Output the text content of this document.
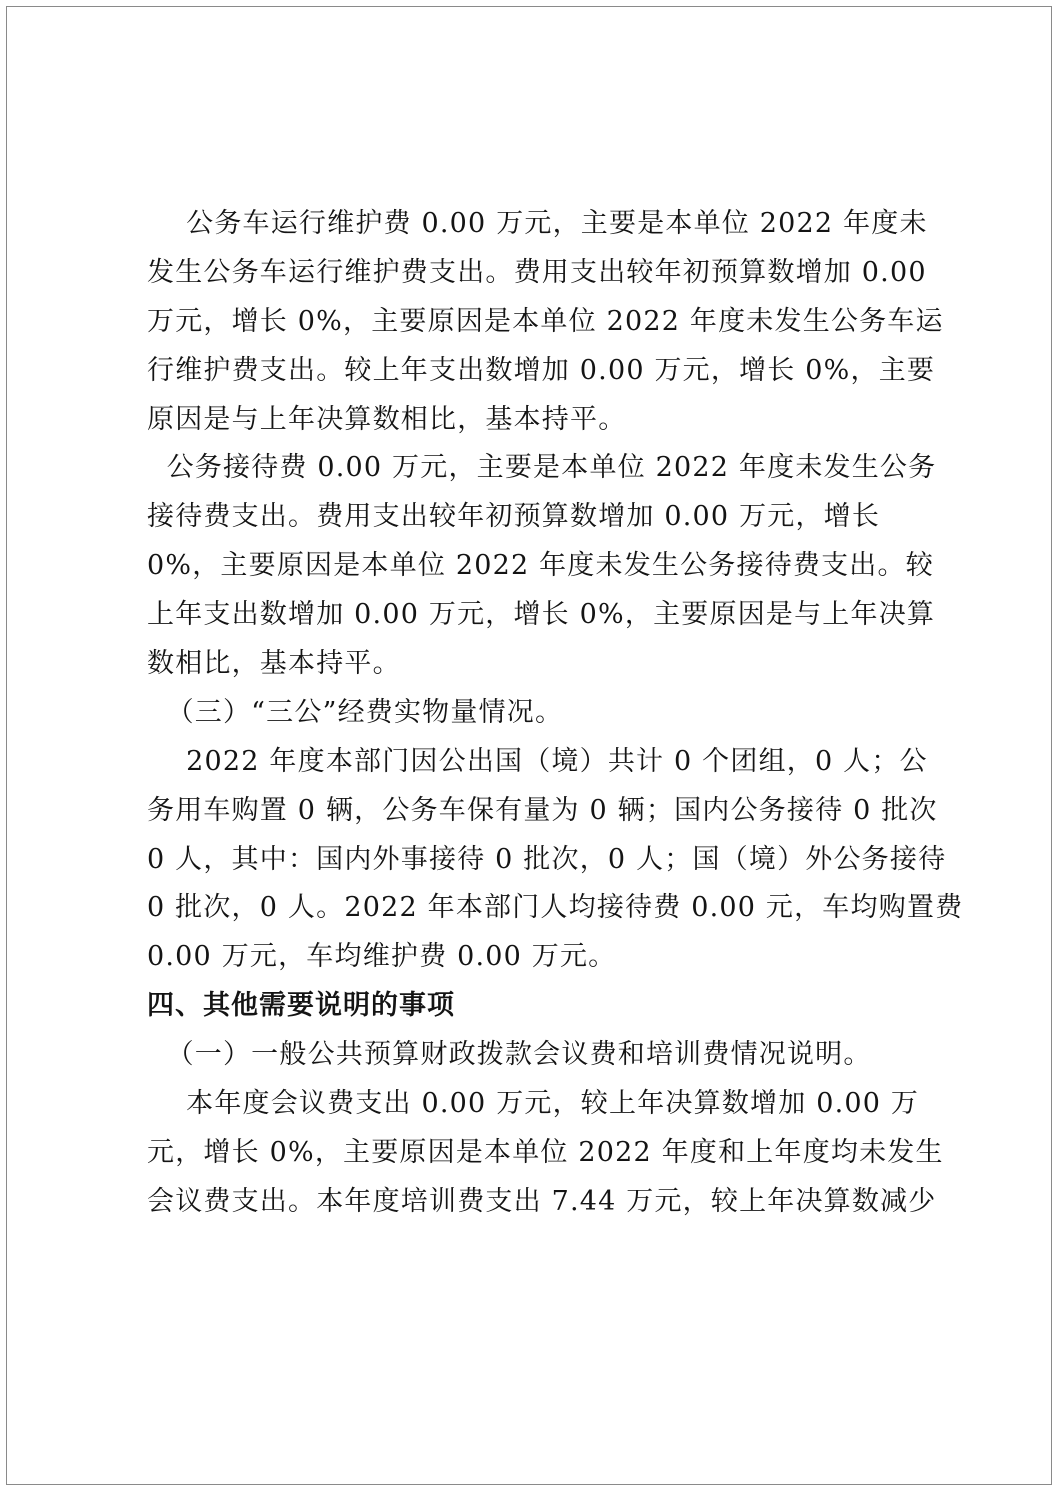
公务车运行维护费 0.00 万元，主要是本单位 2022 年度未
发生公务车运行维护费支出。费用支出较年初预算数增加 0.00
万元，增长 0%，主要原因是本单位 2022 年度未发生公务车运
行维护费支出。较上年支出数增加 0.00 万元，增长 0%，主要
原因是与上年决算数相比，基本持平。
公务接待费 0.00 万元，主要是本单位 2022 年度未发生公务
接待费支出。费用支出较年初预算数增加 0.00 万元，增长
0%，主要原因是本单位 2022 年度未发生公务接待费支出。较
上年支出数增加 0.00 万元，增长 0%，主要原因是与上年决算
数相比，基本持平。
（三）“三公”经费实物量情况。
2022 年度本部门因公出国（境）共计 0 个团组，0 人；公
务用车购置 0 辆，公务车保有量为 0 辆；国内公务接待 0 批次
0 人，其中：国内外事接待 0 批次，0 人；国（境）外公务接待
0 批次，0 人。2022 年本部门人均接待费 0.00 元，车均购置费
0.00 万元，车均维护费 0.00 万元。
四、其他需要说明的事项
（一）一般公共预算财政拨款会议费和培训费情况说明。
本年度会议费支出 0.00 万元，较上年决算数增加 0.00 万
元，增长 0%，主要原因是本单位 2022 年度和上年度均未发生
会议费支出。本年度培训费支出 7.44 万元，较上年决算数减少
